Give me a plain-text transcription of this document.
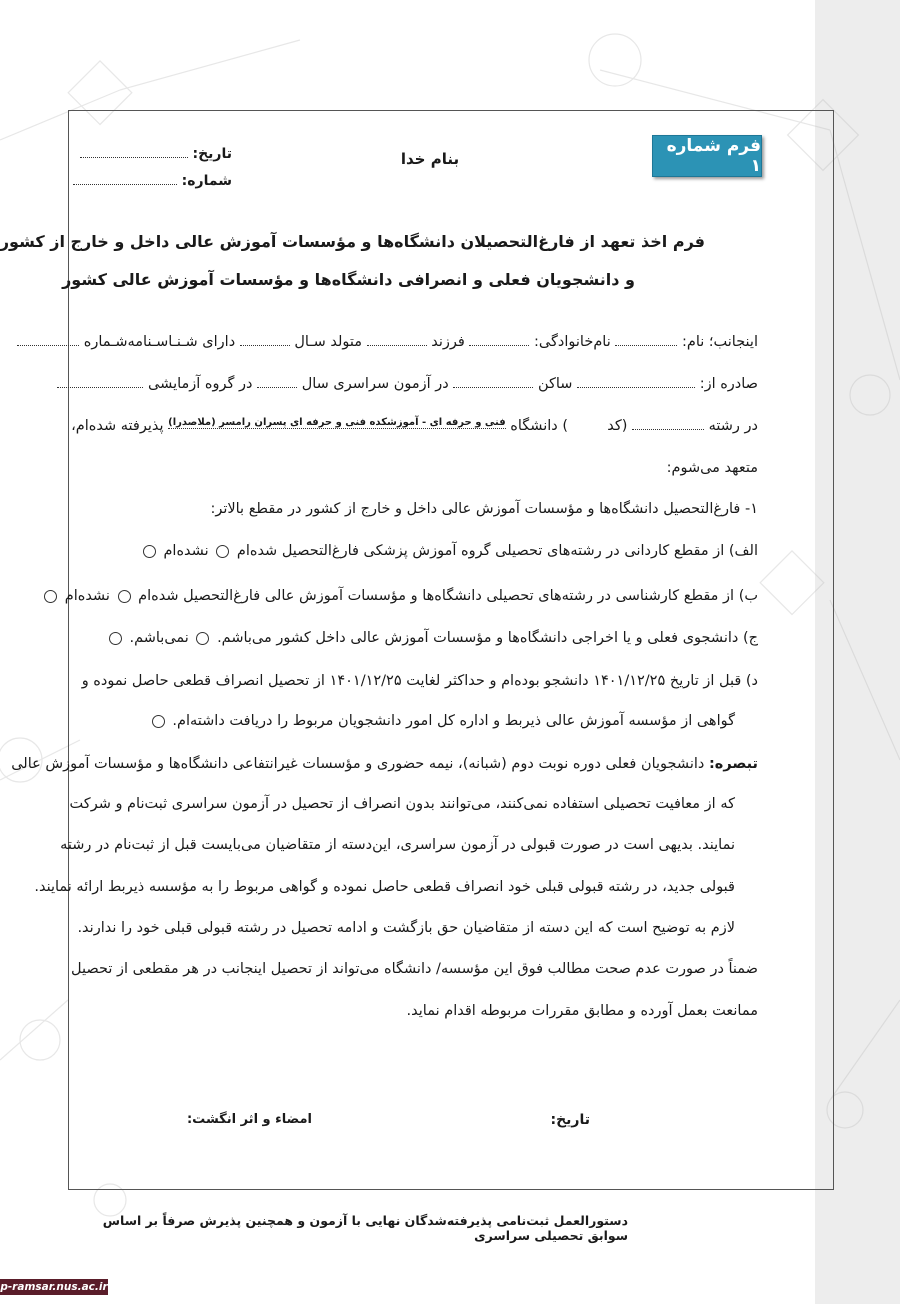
فرم شماره ۱
تاریخ:
شماره:
بنام خدا
فرم اخذ تعهد از فارغ‌التحصیلان دانشگاه‌ها و مؤسسات آموزش عالی داخل و خارج از کشور
و دانشجویان فعلی و انصرافی دانشگاه‌ها و مؤسسات آموزش عالی کشور
اینجانب؛ نام:  نام‌خانوادگی:  فرزند  متولد سـال  دارای شـنـاسـنامه‌شـماره
صادره از:  ساکن  در آزمون سراسری سال  در گروه آزمایشی
در رشته  (کد  ) دانشگاه $^{فنی و حرفه ای - آموزشکده فنی و حرفه ای پسران رامسر (ملاصدرا)}$ پذیرفته شده‌ام،
متعهد می‌شوم:
۱- فارغ‌التحصیل دانشگاه‌ها و مؤسسات آموزش عالی داخل و خارج از کشور در مقطع بالاتر:
الف) از مقطع کاردانی در رشته‌های تحصیلی گروه آموزش پزشکی فارغ‌التحصیل شده‌ام  نشده‌ام
ب) از مقطع کارشناسی در رشته‌های تحصیلی دانشگاه‌ها و مؤسسات آموزش عالی فارغ‌التحصیل شده‌ام  نشده‌ام
ج) دانشجوی فعلی و یا اخراجی دانشگاه‌ها و مؤسسات آموزش عالی داخل کشور می‌باشم.  نمی‌باشم.
د) قبل از تاریخ ۱۴۰۱/۱۲/۲۵ دانشجو بوده‌ام و حداکثر لغایت ۱۴۰۱/۱۲/۲۵ از تحصیل انصراف قطعی حاصل نموده و
گواهی از مؤسسه آموزش عالی ذیربط و اداره کل امور دانشجویان مربوط را دریافت داشته‌ام.
تبصره: دانشجویان فعلی دوره نوبت دوم (شبانه)، نیمه حضوری و مؤسسات غیرانتفاعی دانشگاه‌ها و مؤسسات آموزش عالی
که از معافیت تحصیلی استفاده نمی‌کنند، می‌توانند بدون انصراف از تحصیل در آزمون سراسری ثبت‌نام و شرکت
نمایند. بدیهی است در صورت قبولی در آزمون سراسری، این‌دسته از متقاضیان می‌بایست قبل از ثبت‌نام در رشته
قبولی جدید، در رشته قبولی قبلی خود انصراف قطعی حاصل نموده و گواهی مربوط را به مؤسسه ذیربط ارائه نمایند.
لازم به توضیح است که این دسته از متقاضیان حق بازگشت و ادامه تحصیل در رشته قبولی قبلی خود را ندارند.
ضمناً در صورت عدم صحت مطالب فوق این مؤسسه/ دانشگاه می‌تواند از تحصیل اینجانب در هر مقطعی از تحصیل
ممانعت بعمل آورده و مطابق مقررات مربوطه اقدام نماید.
تاریخ:
امضاء و اثر انگشت:
دستورالعمل ثبت‌نامی پذیرفته‌شدگان نهایی با آزمون و همچنین پذیرش صرفاً بر اساس سوابق تحصیلی سراسری
p-ramsar.nus.ac.ir
